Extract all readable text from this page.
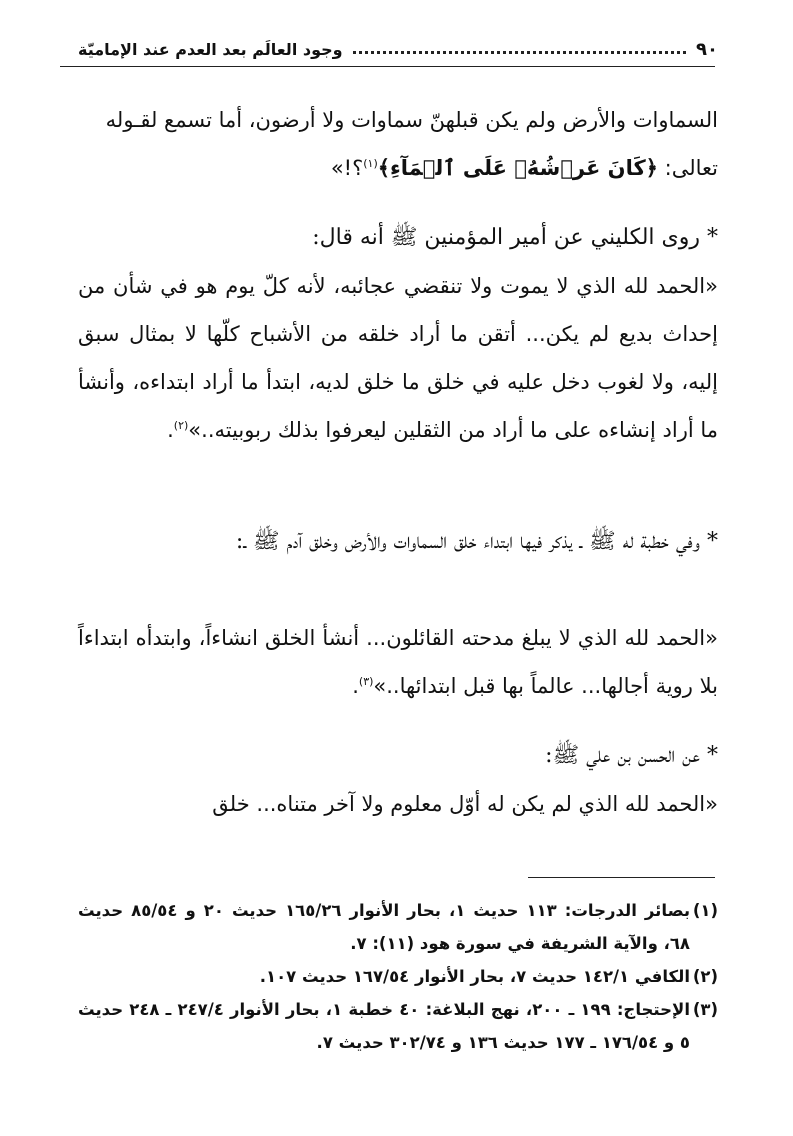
٩٠
وجود العالَم بعد العدم عند الإماميّة

السماوات والأرض ولم يكن قبلهنّ سماوات ولا أرضون، أما تسمع لقـوله
تعالى: ﴿كَانَ عَرۡشُهُۥ عَلَى ٱلۡمَآءِ﴾$^{(١)}$؟!»

* روى الكليني عن أمير المؤمنين ﷺ أنه قال:

«الحمد لله الذي لا يموت ولا تنقضي عجائبه، لأنه كلّ يوم هو في شأن من إحداث بديع لم يكن... أتقن ما أراد خلقه من الأشباح كلّها لا بمثال سبق إليه، ولا لغوب دخل عليه في خلق ما خلق لديه، ابتدأ ما أراد ابتداءه، وأنشأ ما أراد إنشاءه على ما أراد من الثقلين ليعرفوا بذلك ربوبيته..»$^{(٢)}$.

* وفي خطبة له ﷺ ـ يذكر فيها ابتداء خلق السماوات والأرض وخلق آدم ﷺ ـ:

«الحمد لله الذي لا يبلغ مدحته القائلون... أنشأ الخلق انشاءاً، وابتدأه ابتداءاً بلا روية أجالها... عالماً بها قبل ابتدائها..»$^{(٣)}$.

* عن الحسن بن علي ﷺ:

«الحمد لله الذي لم يكن له أوّل معلوم ولا آخر متناه... خلق

(١)
بصائر الدرجات: ١١٣ حديث ١، بحار الأنوار ١٦٥/٢٦ حديث ٢٠ و ٨٥/٥٤ حديث ٦٨، والآية الشريفة في سورة هود (١١): ٧.
(٢)
الكافي ١٤٢/١ حديث ٧، بحار الأنوار ١٦٧/٥٤ حديث ١٠٧.
(٣)
الإحتجاج: ١٩٩ ـ ٢٠٠، نهج البلاغة: ٤٠ خطبة ١، بحار الأنوار ٢٤٧/٤ ـ ٢٤٨ حديث ٥ و ١٧٦/٥٤ ـ ١٧٧ حديث ١٣٦ و ٣٠٢/٧٤ حديث ٧.
